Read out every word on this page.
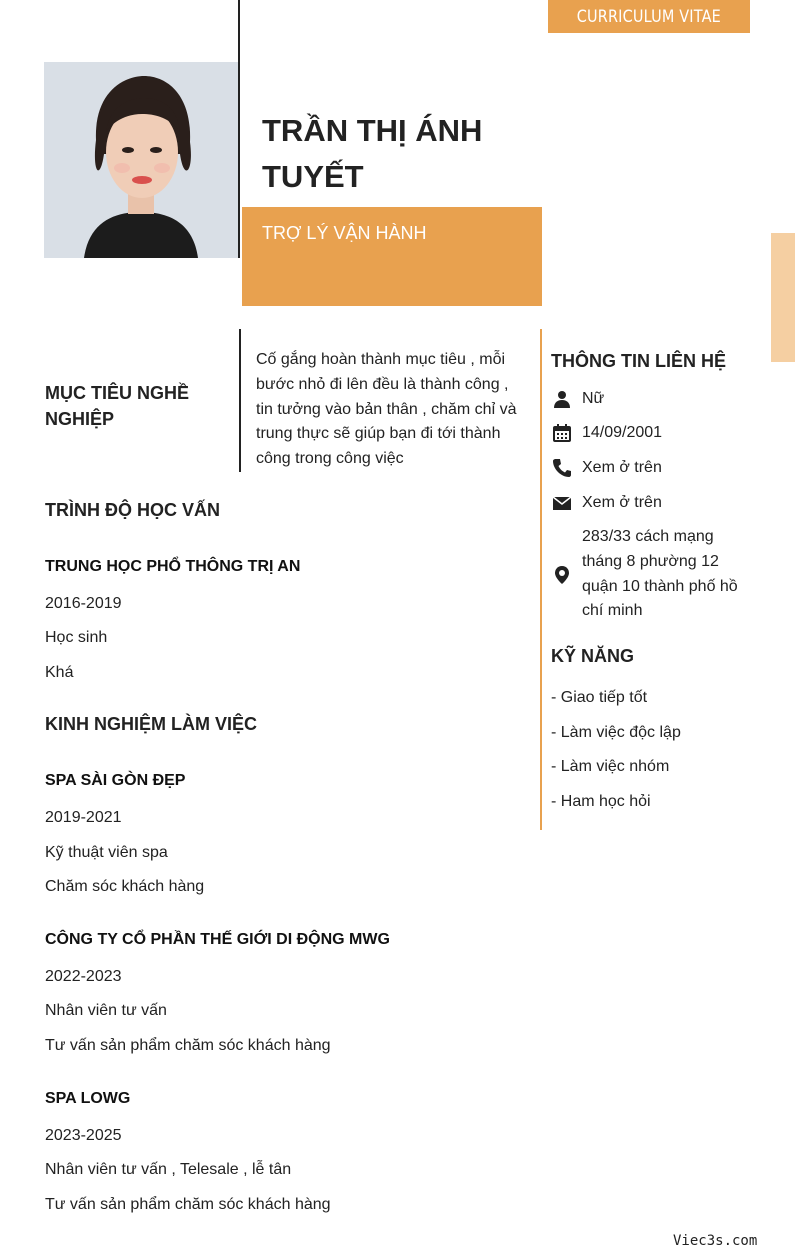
CURRICULUM VITAE
TRẦN THỊ ÁNH TUYẾT
TRỢ LÝ VẬN HÀNH
MỤC TIÊU NGHỀ NGHIỆP
Cố gắng hoàn thành mục tiêu , mỗi bước nhỏ đi lên đều là thành công , tin tưởng vào bản thân , chăm chỉ và trung thực sẽ giúp bạn đi tới thành công trong công việc
TRÌNH ĐỘ HỌC VẤN
TRUNG HỌC PHỔ THÔNG TRỊ AN
2016-2019
Học sinh
Khá
KINH NGHIỆM LÀM VIỆC
SPA SÀI GÒN ĐẸP
2019-2021
Kỹ thuật viên spa
Chăm sóc khách hàng
CÔNG TY CỔ PHẦN THẾ GIỚI DI ĐỘNG MWG
2022-2023
Nhân viên tư vấn
Tư vấn sản phẩm chăm sóc khách hàng
SPA LOWG
2023-2025
Nhân viên tư vấn , Telesale , lễ tân
Tư vấn sản phẩm chăm sóc khách hàng
THÔNG TIN LIÊN HỆ
Nữ
14/09/2001
Xem ở trên
Xem ở trên
283/33 cách mạng tháng 8 phường 12 quận 10 thành phố hồ chí minh
KỸ NĂNG
- Giao tiếp tốt
- Làm việc độc lập
- Làm việc nhóm
- Ham học hỏi
Viec3s.com
